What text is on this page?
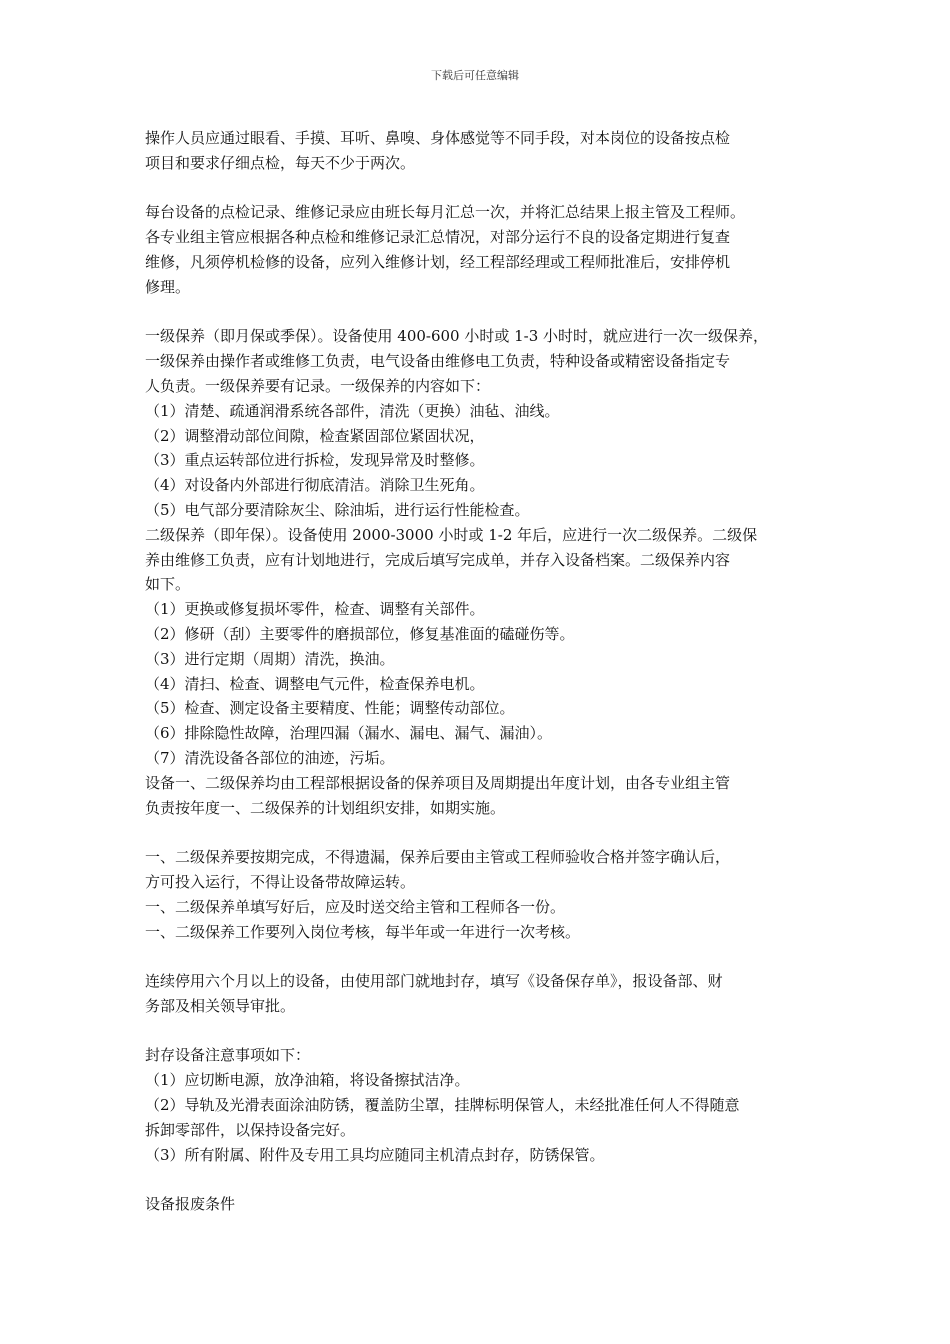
下载后可任意编辑
操作人员应通过眼看、手摸、耳听、鼻嗅、身体感觉等不同手段，对本岗位的设备按点检
项目和要求仔细点检，每天不少于两次。
每台设备的点检记录、维修记录应由班长每月汇总一次，并将汇总结果上报主管及工程师。
各专业组主管应根据各种点检和维修记录汇总情况，对部分运行不良的设备定期进行复查
维修，凡须停机检修的设备，应列入维修计划，经工程部经理或工程师批准后，安排停机
修理。
一级保养（即月保或季保）。设备使用 400-600 小时或 1-3 小时时，就应进行一次一级保养，
一级保养由操作者或维修工负责，电气设备由维修电工负责，特种设备或精密设备指定专
人负责。一级保养要有记录。一级保养的内容如下：
（1）清楚、疏通润滑系统各部件，清洗（更换）油毡、油线。
（2）调整滑动部位间隙，检查紧固部位紧固状况，
（3）重点运转部位进行拆检，发现异常及时整修。
（4）对设备内外部进行彻底清洁。消除卫生死角。
（5）电气部分要清除灰尘、除油垢，进行运行性能检查。
二级保养（即年保）。设备使用 2000-3000 小时或 1-2 年后，应进行一次二级保养。二级保
养由维修工负责，应有计划地进行，完成后填写完成单，并存入设备档案。二级保养内容
如下。
（1）更换或修复损坏零件，检查、调整有关部件。
（2）修研（刮）主要零件的磨损部位，修复基准面的磕碰伤等。
（3）进行定期（周期）清洗，换油。
（4）清扫、检查、调整电气元件，检查保养电机。
（5）检查、测定设备主要精度、性能；调整传动部位。
（6）排除隐性故障，治理四漏（漏水、漏电、漏气、漏油）。
（7）清洗设备各部位的油迹，污垢。
设备一、二级保养均由工程部根据设备的保养项目及周期提出年度计划，由各专业组主管
负责按年度一、二级保养的计划组织安排，如期实施。
一、二级保养要按期完成，不得遗漏，保养后要由主管或工程师验收合格并签字确认后，
方可投入运行，不得让设备带故障运转。
一、二级保养单填写好后，应及时送交给主管和工程师各一份。
一、二级保养工作要列入岗位考核，每半年或一年进行一次考核。
连续停用六个月以上的设备，由使用部门就地封存，填写《设备保存单》，报设备部、财
务部及相关领导审批。
封存设备注意事项如下：
（1）应切断电源，放净油箱，将设备擦拭洁净。
（2）导轨及光滑表面涂油防锈，覆盖防尘罩，挂牌标明保管人，未经批准任何人不得随意
拆卸零部件，以保持设备完好。
（3）所有附属、附件及专用工具均应随同主机清点封存，防锈保管。
设备报废条件
